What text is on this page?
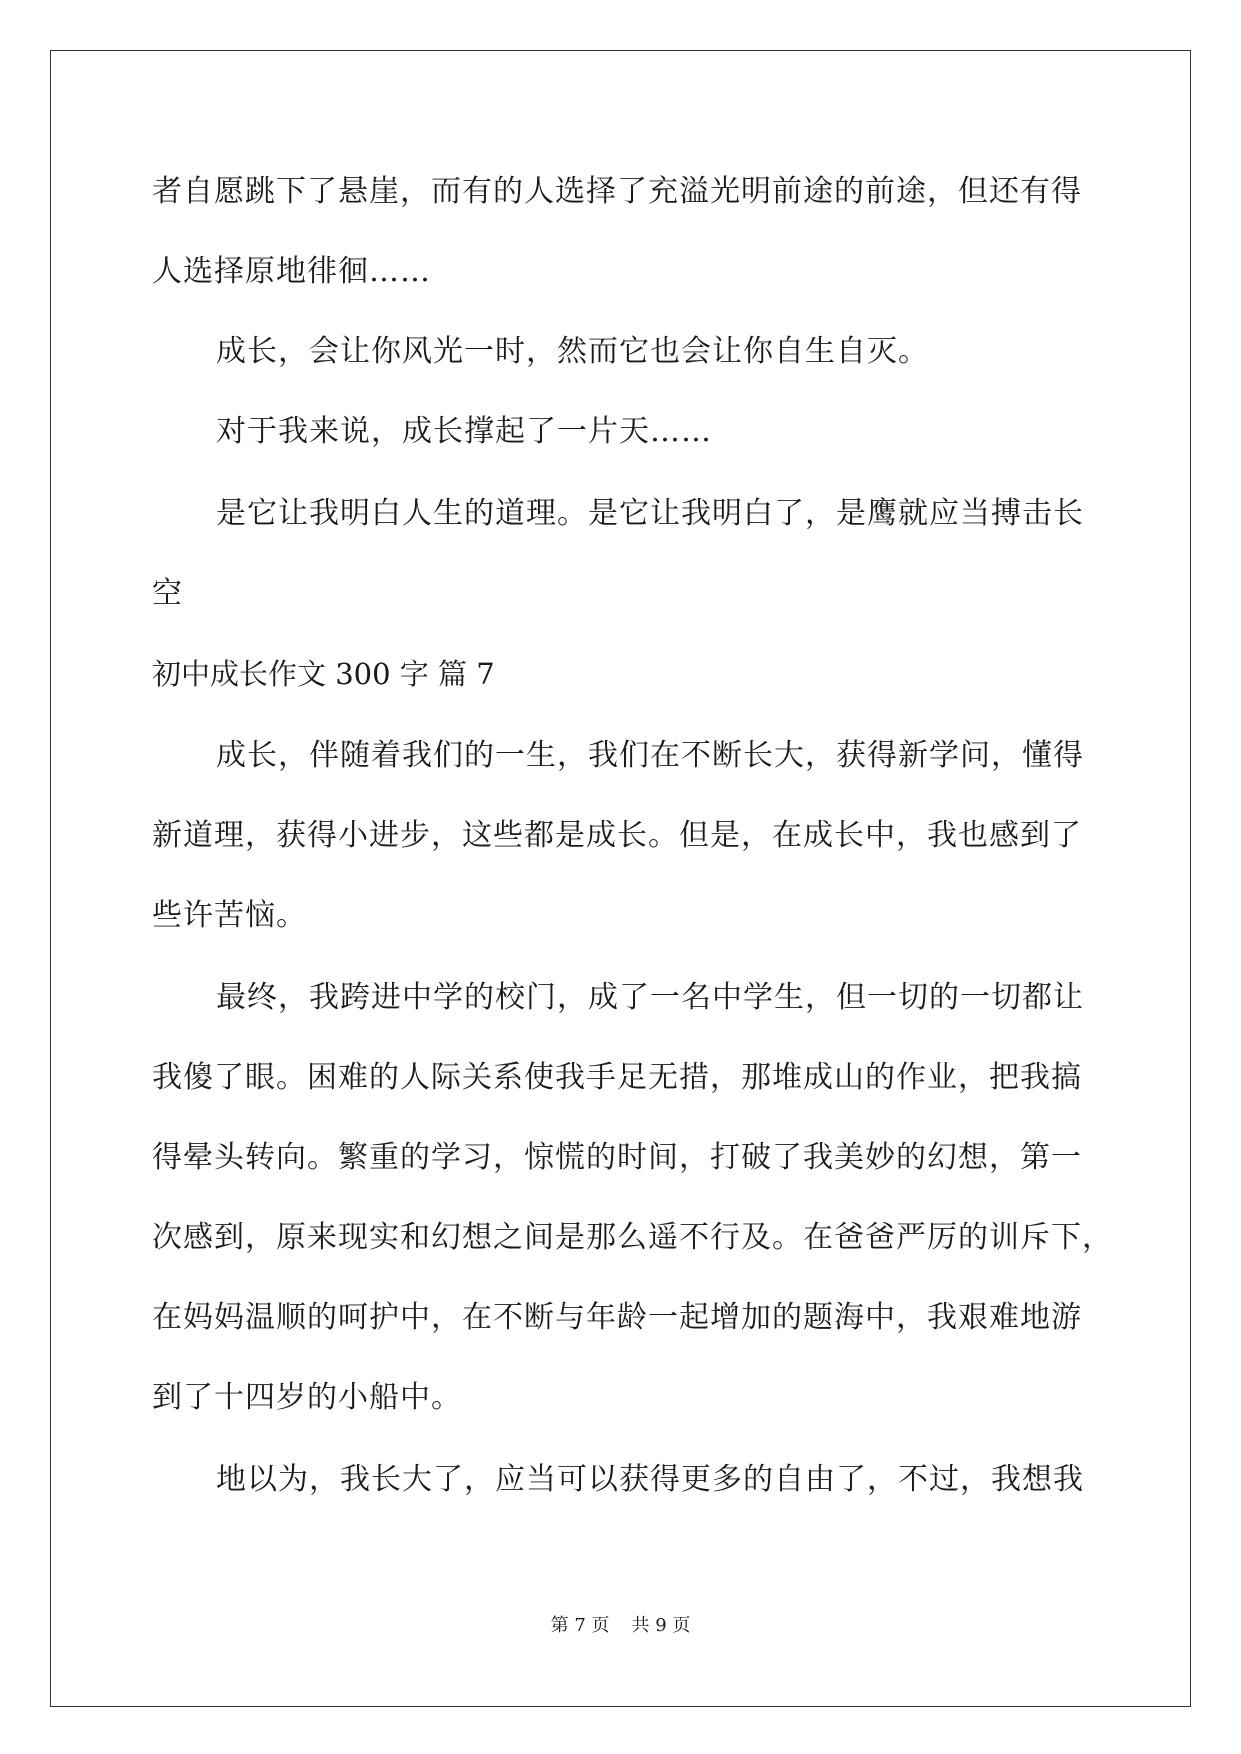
者自愿跳下了悬崖，而有的人选择了充溢光明前途的前途，但还有得
人选择原地徘徊……
成长，会让你风光一时，然而它也会让你自生自灭。
对于我来说，成长撑起了一片天……
是它让我明白人生的道理。是它让我明白了，是鹰就应当搏击长
空
初中成长作文 300 字 篇 7
成长，伴随着我们的一生，我们在不断长大，获得新学问，懂得
新道理，获得小进步，这些都是成长。但是，在成长中，我也感到了
些许苦恼。
最终，我跨进中学的校门，成了一名中学生，但一切的一切都让
我傻了眼。困难的人际关系使我手足无措，那堆成山的作业，把我搞
得晕头转向。繁重的学习，惊慌的时间，打破了我美妙的幻想，第一
次感到，原来现实和幻想之间是那么遥不行及。在爸爸严厉的训斥下，
在妈妈温顺的呵护中，在不断与年龄一起增加的题海中，我艰难地游
到了十四岁的小船中。
地以为，我长大了，应当可以获得更多的自由了，不过，我想我
第 7 页 共 9 页
